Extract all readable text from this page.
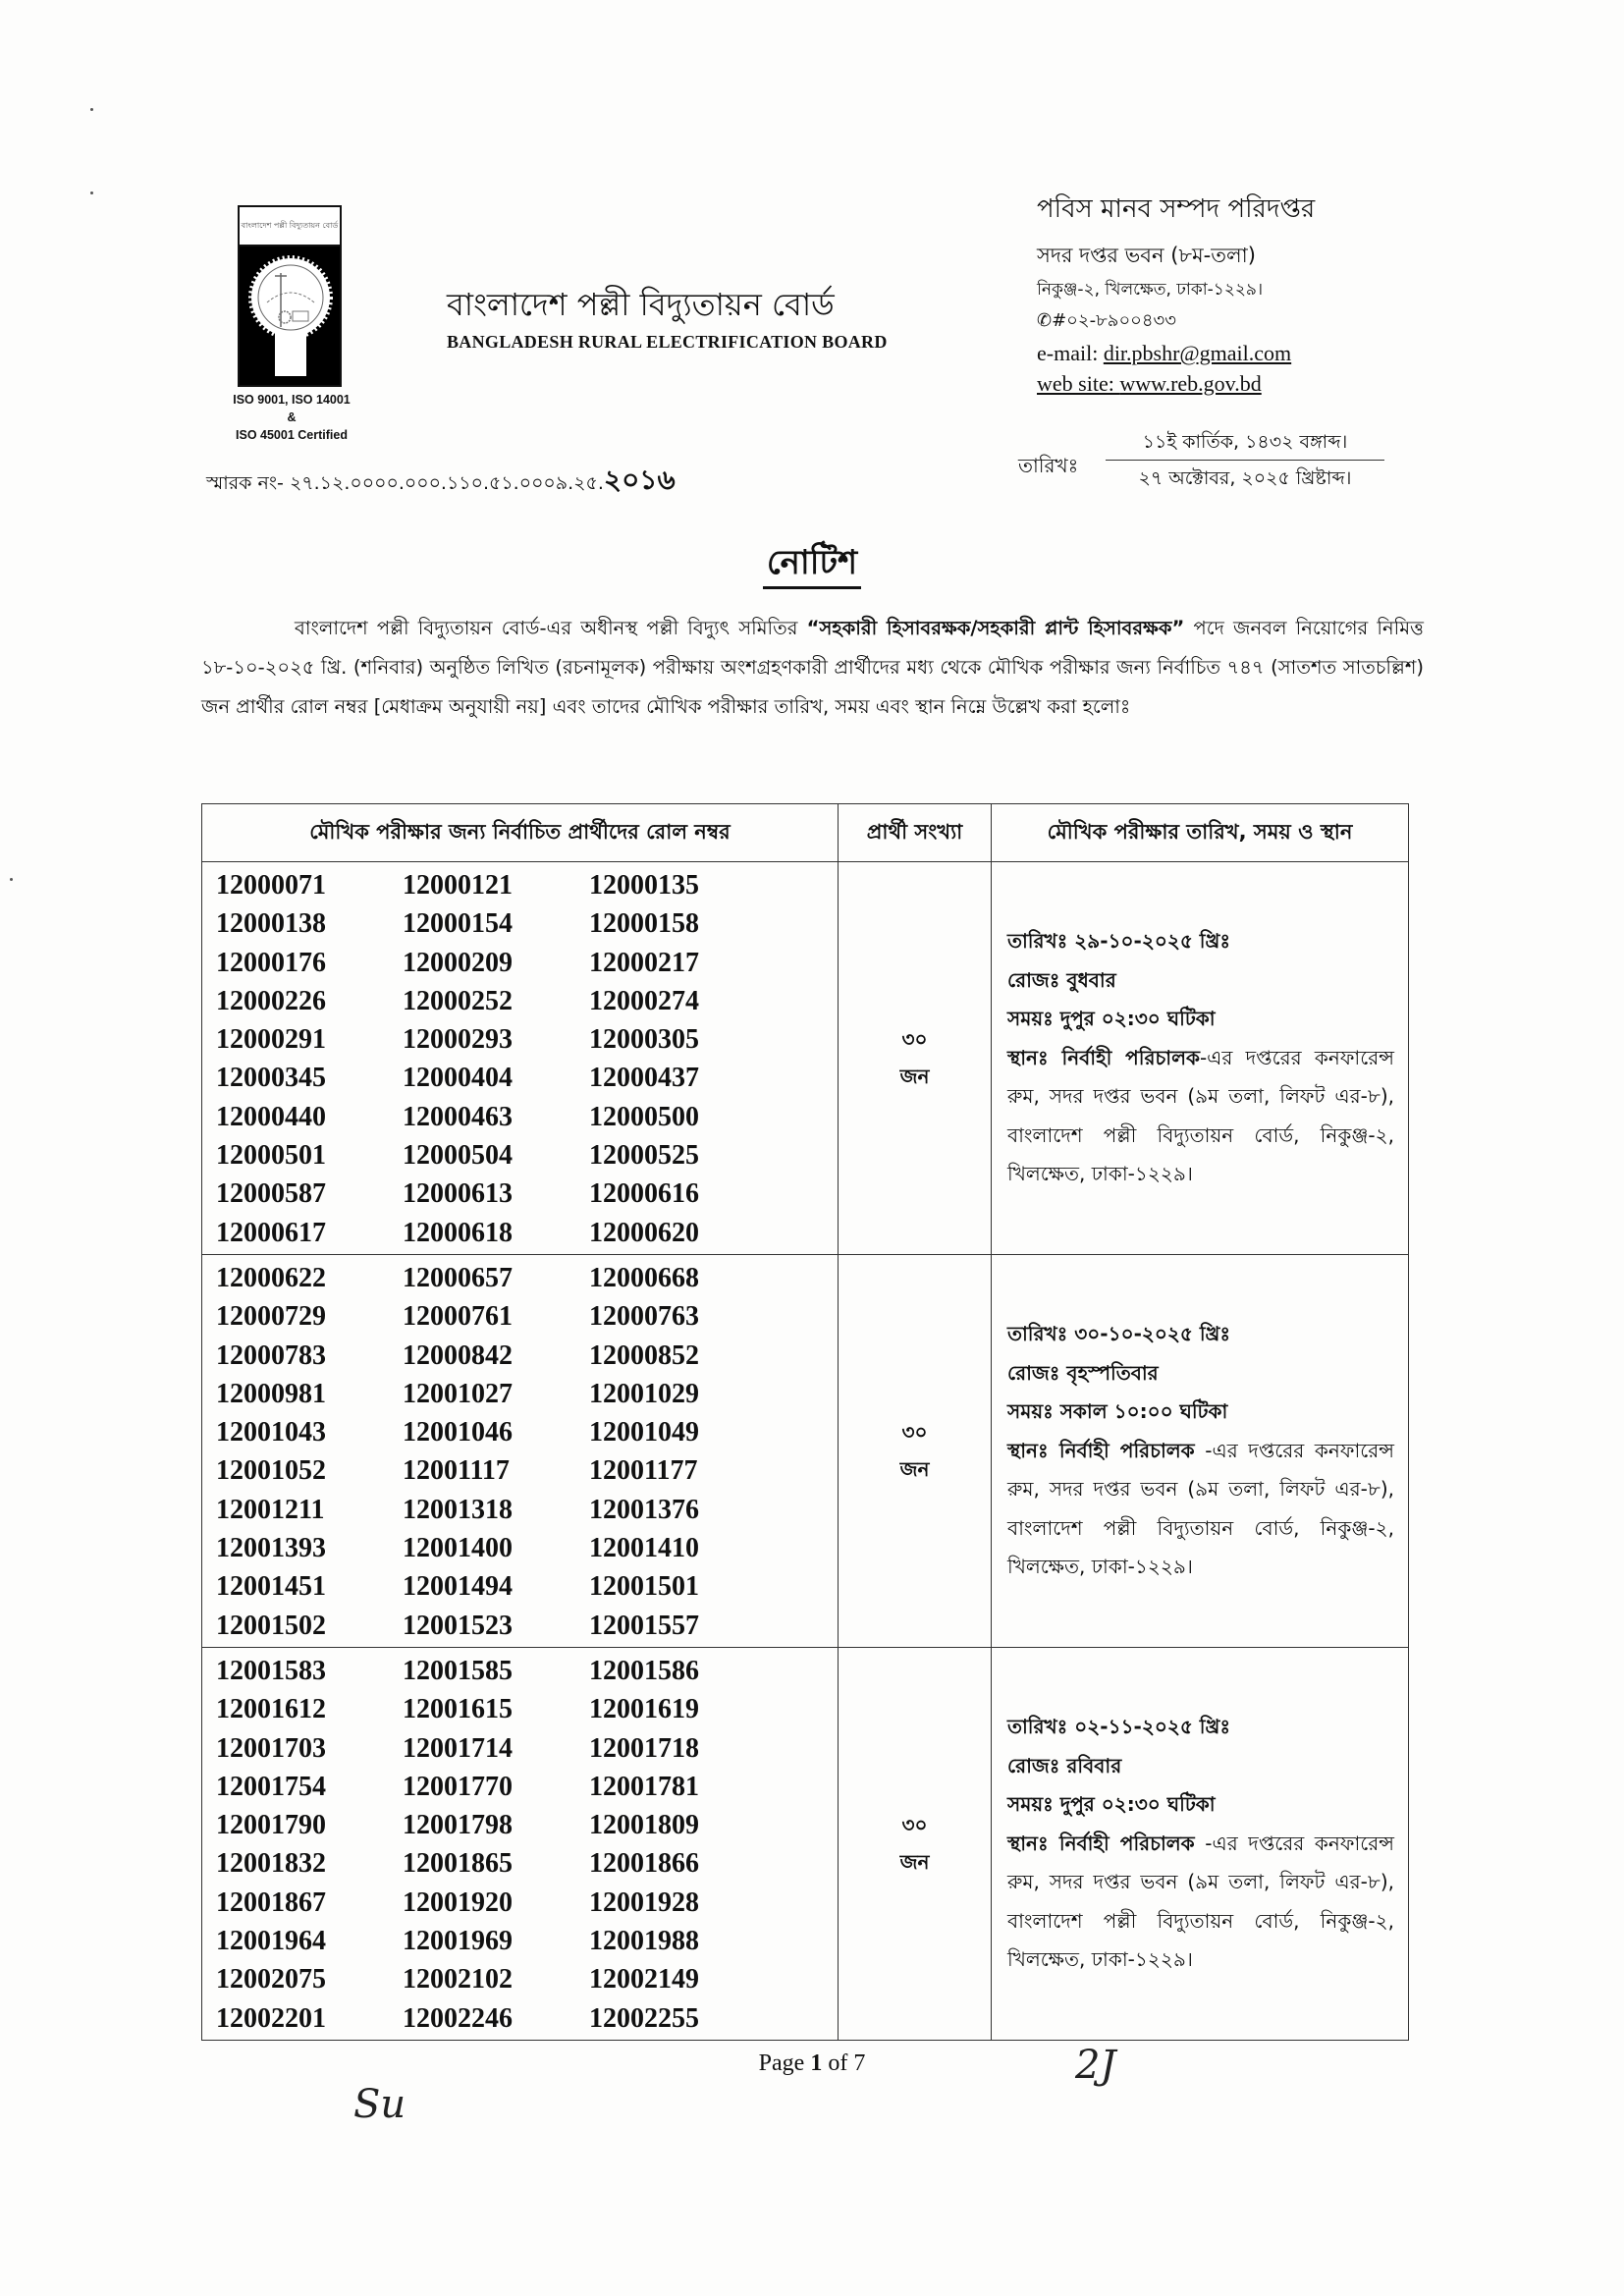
বাংলাদেশ পল্লী বিদ্যুতায়ন বোর্ড
ISO 9001, ISO 14001 &
ISO 45001 Certified
বাংলাদেশ পল্লী বিদ্যুতায়ন বোর্ড
BANGLADESH RURAL ELECTRIFICATION BOARD
পবিস মানব সম্পদ পরিদপ্তর
সদর দপ্তর ভবন (৮ম-তলা)
নিকুঞ্জ-২, খিলক্ষেত, ঢাকা-১২২৯।
✆#০২-৮৯০০৪৩৩
e-mail: dir.pbshr@gmail.com
web site: www.reb.gov.bd
স্মারক নং- ২৭.১২.০০০০.০০০.১১০.৫১.০০০৯.২৫.২০১৬	তারিখঃ
১১ই কার্তিক, ১৪৩২ বঙ্গাব্দ।
২৭ অক্টোবর, ২০২৫ খ্রিষ্টাব্দ।
নোটিশ
বাংলাদেশ পল্লী বিদ্যুতায়ন বোর্ড-এর অধীনস্থ পল্লী বিদ্যুৎ সমিতির “সহকারী হিসাবরক্ষক/সহকারী প্লান্ট হিসাবরক্ষক” পদে জনবল নিয়োগের নিমিত্ত ১৮-১০-২০২৫ খ্রি. (শনিবার) অনুষ্ঠিত লিখিত (রচনামূলক) পরীক্ষায় অংশগ্রহণকারী প্রার্থীদের মধ্য থেকে মৌখিক পরীক্ষার জন্য নির্বাচিত ৭৪৭ (সাতশত সাতচল্লিশ) জন প্রার্থীর রোল নম্বর [মেধাক্রম অনুযায়ী নয়] এবং তাদের মৌখিক পরীক্ষার তারিখ, সময় এবং স্থান নিম্নে উল্লেখ করা হলোঃ
মৌখিক পরীক্ষার জন্য নির্বাচিত প্রার্থীদের রোল নম্বর	প্রার্থী সংখ্যা	মৌখিক পরীক্ষার তারিখ, সময় ও স্থান

12000071	12000121	12000135
12000138	12000154	12000158
12000176	12000209	12000217
12000226	12000252	12000274
12000291	12000293	12000305
12000345	12000404	12000437
12000440	12000463	12000500
12000501	12000504	12000525
12000587	12000613	12000616
12000617	12000618	12000620

৩০
জন

তারিখঃ ২৯-১০-২০২৫ খ্রিঃ
রোজঃ বুধবার
সময়ঃ দুপুর ০২:৩০ ঘটিকা
স্থানঃ নির্বাহী পরিচালক-এর দপ্তরের কনফারেন্স রুম, সদর দপ্তর ভবন (৯ম তলা, লিফট এর-৮), বাংলাদেশ পল্লী বিদ্যুতায়ন বোর্ড, নিকুঞ্জ-২, খিলক্ষেত, ঢাকা-১২২৯।

12000622	12000657	12000668
12000729	12000761	12000763
12000783	12000842	12000852
12000981	12001027	12001029
12001043	12001046	12001049
12001052	12001117	12001177
12001211	12001318	12001376
12001393	12001400	12001410
12001451	12001494	12001501
12001502	12001523	12001557

৩০
জন

তারিখঃ ৩০-১০-২০২৫ খ্রিঃ
রোজঃ বৃহস্পতিবার
সময়ঃ সকাল ১০:০০ ঘটিকা
স্থানঃ নির্বাহী পরিচালক -এর দপ্তরের কনফারেন্স রুম, সদর দপ্তর ভবন (৯ম তলা, লিফট এর-৮), বাংলাদেশ পল্লী বিদ্যুতায়ন বোর্ড, নিকুঞ্জ-২, খিলক্ষেত, ঢাকা-১২২৯।

12001583	12001585	12001586
12001612	12001615	12001619
12001703	12001714	12001718
12001754	12001770	12001781
12001790	12001798	12001809
12001832	12001865	12001866
12001867	12001920	12001928
12001964	12001969	12001988
12002075	12002102	12002149
12002201	12002246	12002255

৩০
জন

তারিখঃ ০২-১১-২০২৫ খ্রিঃ
রোজঃ রবিবার
সময়ঃ দুপুর ০২:৩০ ঘটিকা
স্থানঃ নির্বাহী পরিচালক -এর দপ্তরের কনফারেন্স রুম, সদর দপ্তর ভবন (৯ম তলা, লিফট এর-৮), বাংলাদেশ পল্লী বিদ্যুতায়ন বোর্ড, নিকুঞ্জ-২, খিলক্ষেত, ঢাকা-১২২৯।
Page 1 of 7
Su
2J
